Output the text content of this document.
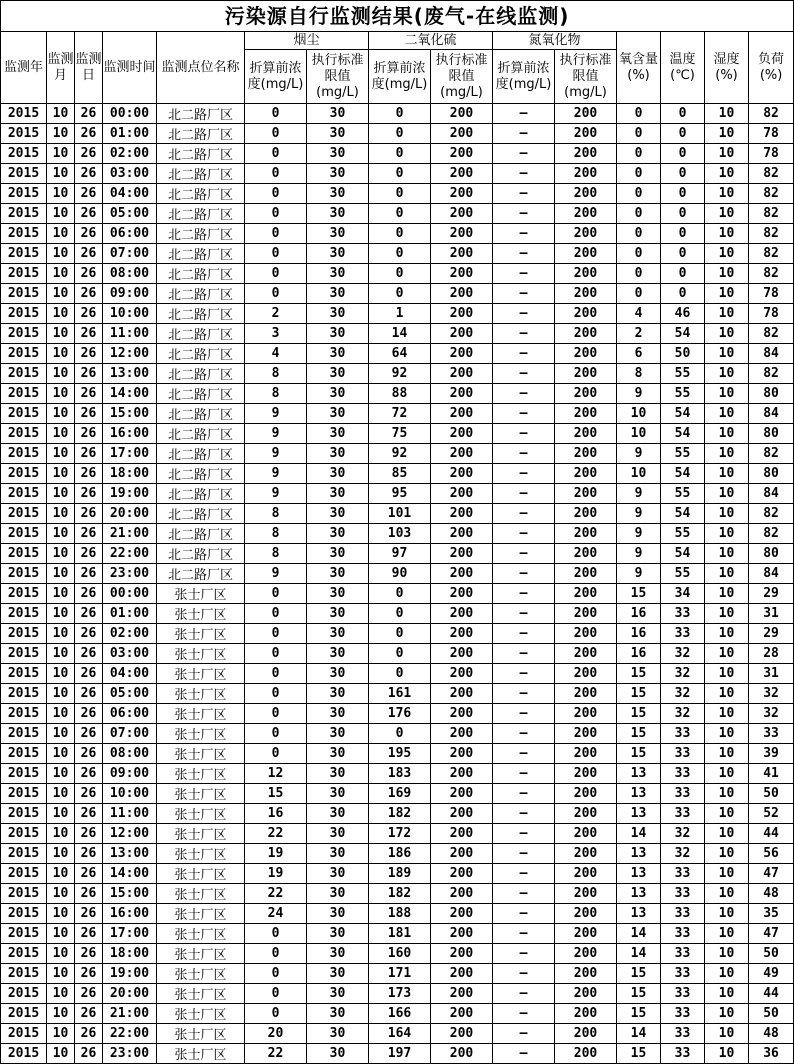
污染源自行监测结果(废气-在线监测)														
监测年	监测月	监测日	监测时间	监测点位名称	烟尘		二氧化硫		氮氧化物		氧含量(%)	温度(℃)	湿度(%)	负荷(%)
					折算前浓度(mg/L)	执行标准限值(mg/L)	折算前浓度(mg/L)	执行标准限值(mg/L)	折算前浓度(mg/L)	执行标准限值(mg/L)				
2015	10	26	00:00	北二路厂区	0	30	0	200	—	200	0	0	10	82
2015	10	26	01:00	北二路厂区	0	30	0	200	—	200	0	0	10	78
2015	10	26	02:00	北二路厂区	0	30	0	200	—	200	0	0	10	78
2015	10	26	03:00	北二路厂区	0	30	0	200	—	200	0	0	10	82
2015	10	26	04:00	北二路厂区	0	30	0	200	—	200	0	0	10	82
2015	10	26	05:00	北二路厂区	0	30	0	200	—	200	0	0	10	82
2015	10	26	06:00	北二路厂区	0	30	0	200	—	200	0	0	10	82
2015	10	26	07:00	北二路厂区	0	30	0	200	—	200	0	0	10	82
2015	10	26	08:00	北二路厂区	0	30	0	200	—	200	0	0	10	82
2015	10	26	09:00	北二路厂区	0	30	0	200	—	200	0	0	10	78
2015	10	26	10:00	北二路厂区	2	30	1	200	—	200	4	46	10	78
2015	10	26	11:00	北二路厂区	3	30	14	200	—	200	2	54	10	82
2015	10	26	12:00	北二路厂区	4	30	64	200	—	200	6	50	10	84
2015	10	26	13:00	北二路厂区	8	30	92	200	—	200	8	55	10	82
2015	10	26	14:00	北二路厂区	8	30	88	200	—	200	9	55	10	80
2015	10	26	15:00	北二路厂区	9	30	72	200	—	200	10	54	10	84
2015	10	26	16:00	北二路厂区	9	30	75	200	—	200	10	54	10	80
2015	10	26	17:00	北二路厂区	9	30	92	200	—	200	9	55	10	82
2015	10	26	18:00	北二路厂区	9	30	85	200	—	200	10	54	10	80
2015	10	26	19:00	北二路厂区	9	30	95	200	—	200	9	55	10	84
2015	10	26	20:00	北二路厂区	8	30	101	200	—	200	9	54	10	82
2015	10	26	21:00	北二路厂区	8	30	103	200	—	200	9	55	10	82
2015	10	26	22:00	北二路厂区	8	30	97	200	—	200	9	54	10	80
2015	10	26	23:00	北二路厂区	9	30	90	200	—	200	9	55	10	84
2015	10	26	00:00	张士厂区	0	30	0	200	—	200	15	34	10	29
2015	10	26	01:00	张士厂区	0	30	0	200	—	200	16	33	10	31
2015	10	26	02:00	张士厂区	0	30	0	200	—	200	16	33	10	29
2015	10	26	03:00	张士厂区	0	30	0	200	—	200	16	32	10	28
2015	10	26	04:00	张士厂区	0	30	0	200	—	200	15	32	10	31
2015	10	26	05:00	张士厂区	0	30	161	200	—	200	15	32	10	32
2015	10	26	06:00	张士厂区	0	30	176	200	—	200	15	32	10	32
2015	10	26	07:00	张士厂区	0	30	0	200	—	200	15	33	10	33
2015	10	26	08:00	张士厂区	0	30	195	200	—	200	15	33	10	39
2015	10	26	09:00	张士厂区	12	30	183	200	—	200	13	33	10	41
2015	10	26	10:00	张士厂区	15	30	169	200	—	200	13	33	10	50
2015	10	26	11:00	张士厂区	16	30	182	200	—	200	13	33	10	52
2015	10	26	12:00	张士厂区	22	30	172	200	—	200	14	32	10	44
2015	10	26	13:00	张士厂区	19	30	186	200	—	200	13	32	10	56
2015	10	26	14:00	张士厂区	19	30	189	200	—	200	13	33	10	47
2015	10	26	15:00	张士厂区	22	30	182	200	—	200	13	33	10	48
2015	10	26	16:00	张士厂区	24	30	188	200	—	200	13	33	10	35
2015	10	26	17:00	张士厂区	0	30	181	200	—	200	14	33	10	47
2015	10	26	18:00	张士厂区	0	30	160	200	—	200	14	33	10	50
2015	10	26	19:00	张士厂区	0	30	171	200	—	200	15	33	10	49
2015	10	26	20:00	张士厂区	0	30	173	200	—	200	15	33	10	44
2015	10	26	21:00	张士厂区	0	30	166	200	—	200	15	33	10	50
2015	10	26	22:00	张士厂区	20	30	164	200	—	200	14	33	10	48
2015	10	26	23:00	张士厂区	22	30	197	200	—	200	15	33	10	36
